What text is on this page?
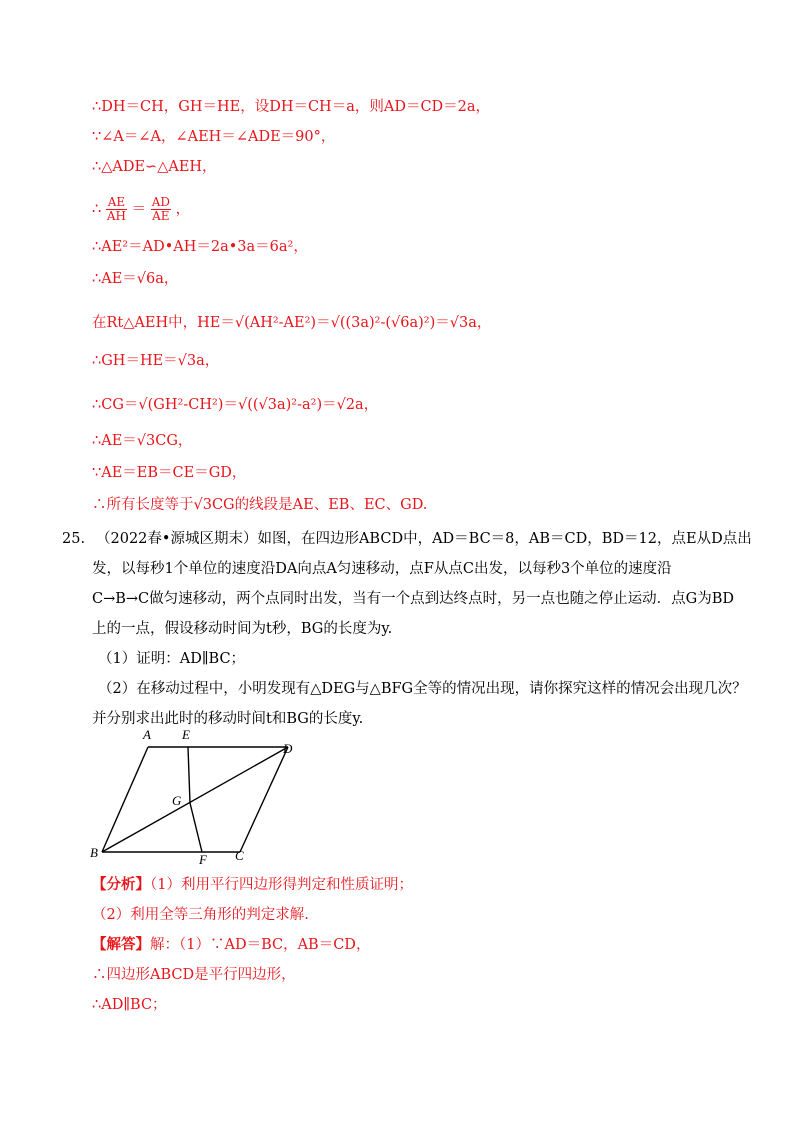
∴DH＝CH，GH＝HE，设DH＝CH＝a，则AD＝CD＝2a，
∵∠A＝∠A，∠AEH＝∠ADE＝90°，
∴△ADE∽△AEH，
∴ $\frac{AE}{AH} = \frac{AD}{AE}$ ，
∴AE²＝AD•AH＝2a•3a＝6a²，
∴AE＝√6a，
在Rt△AEH中，HE＝√(AH²-AE²)＝√((3a)²-(√6a)²)＝√3a，
∴GH＝HE＝√3a，
∴CG＝√(GH²-CH²)＝√((√3a)²-a²)＝√2a，
∴AE＝√3CG，
∵AE＝EB＝CE＝GD，
∴所有长度等于√3CG的线段是AE、EB、EC、GD.
25. （2022春•源城区期末）如图，在四边形ABCD中，AD＝BC＝8，AB＝CD，BD＝12，点E从D点出
发，以每秒1个单位的速度沿DA向点A匀速移动，点F从点C出发，以每秒3个单位的速度沿
C→B→C做匀速移动，两个点同时出发，当有一个点到达终点时，另一点也随之停止运动．点G为BD
上的一点，假设移动时间为t秒，BG的长度为y.
（1）证明：AD∥BC；
（2）在移动过程中，小明发现有△DEG与△BFG全等的情况出现，请你探究这样的情况会出现几次？
并分别求出此时的移动时间t和BG的长度y.
A E
D
G
B	F C
【分析】（1）利用平行四边形得判定和性质证明；
（2）利用全等三角形的判定求解.
【解答】解：（1）∵AD＝BC，AB＝CD，
∴四边形ABCD是平行四边形，
∴AD∥BC；
